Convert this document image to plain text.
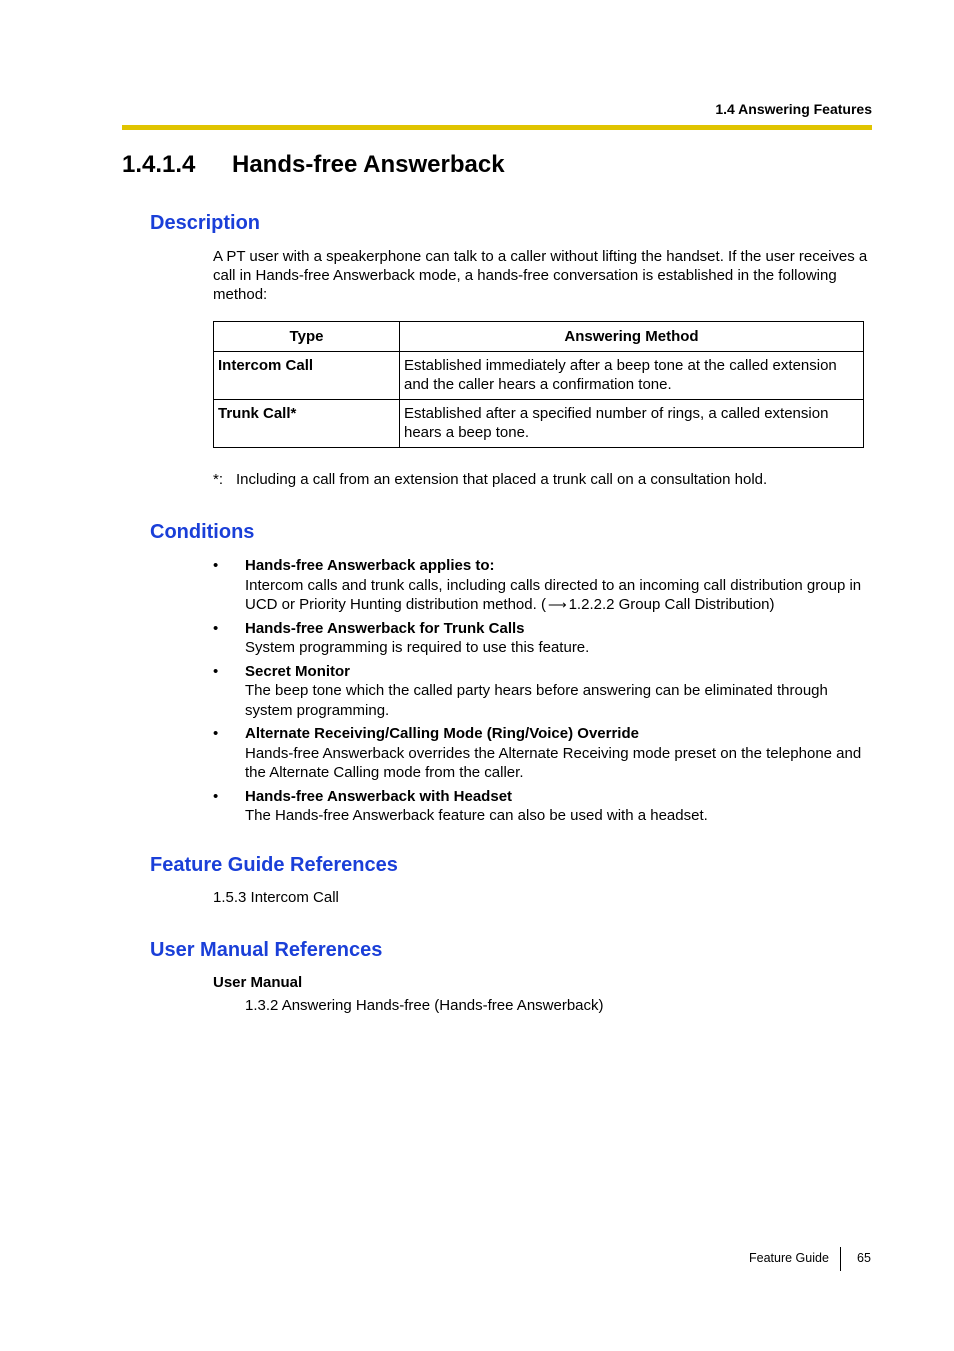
1.4 Answering Features
1.4.1.4 Hands-free Answerback
Description
A PT user with a speakerphone can talk to a caller without lifting the handset. If the user receives a call in Hands-free Answerback mode, a hands-free conversation is established in the following method:
Type	Answering Method
Intercom Call	Established immediately after a beep tone at the called extension and the caller hears a confirmation tone.
Trunk Call*	Established after a specified number of rings, a called extension hears a beep tone.
*: Including a call from an extension that placed a trunk call on a consultation hold.
Conditions
• Hands-free Answerback applies to:
Intercom calls and trunk calls, including calls directed to an incoming call distribution group in UCD or Priority Hunting distribution method. ( ⟶ 1.2.2.2 Group Call Distribution)
• Hands-free Answerback for Trunk Calls
System programming is required to use this feature.
• Secret Monitor
The beep tone which the called party hears before answering can be eliminated through system programming.
• Alternate Receiving/Calling Mode (Ring/Voice) Override
Hands-free Answerback overrides the Alternate Receiving mode preset on the telephone and the Alternate Calling mode from the caller.
• Hands-free Answerback with Headset
The Hands-free Answerback feature can also be used with a headset.
Feature Guide References
1.5.3 Intercom Call
User Manual References
User Manual
1.3.2 Answering Hands-free (Hands-free Answerback)
Feature Guide 65
